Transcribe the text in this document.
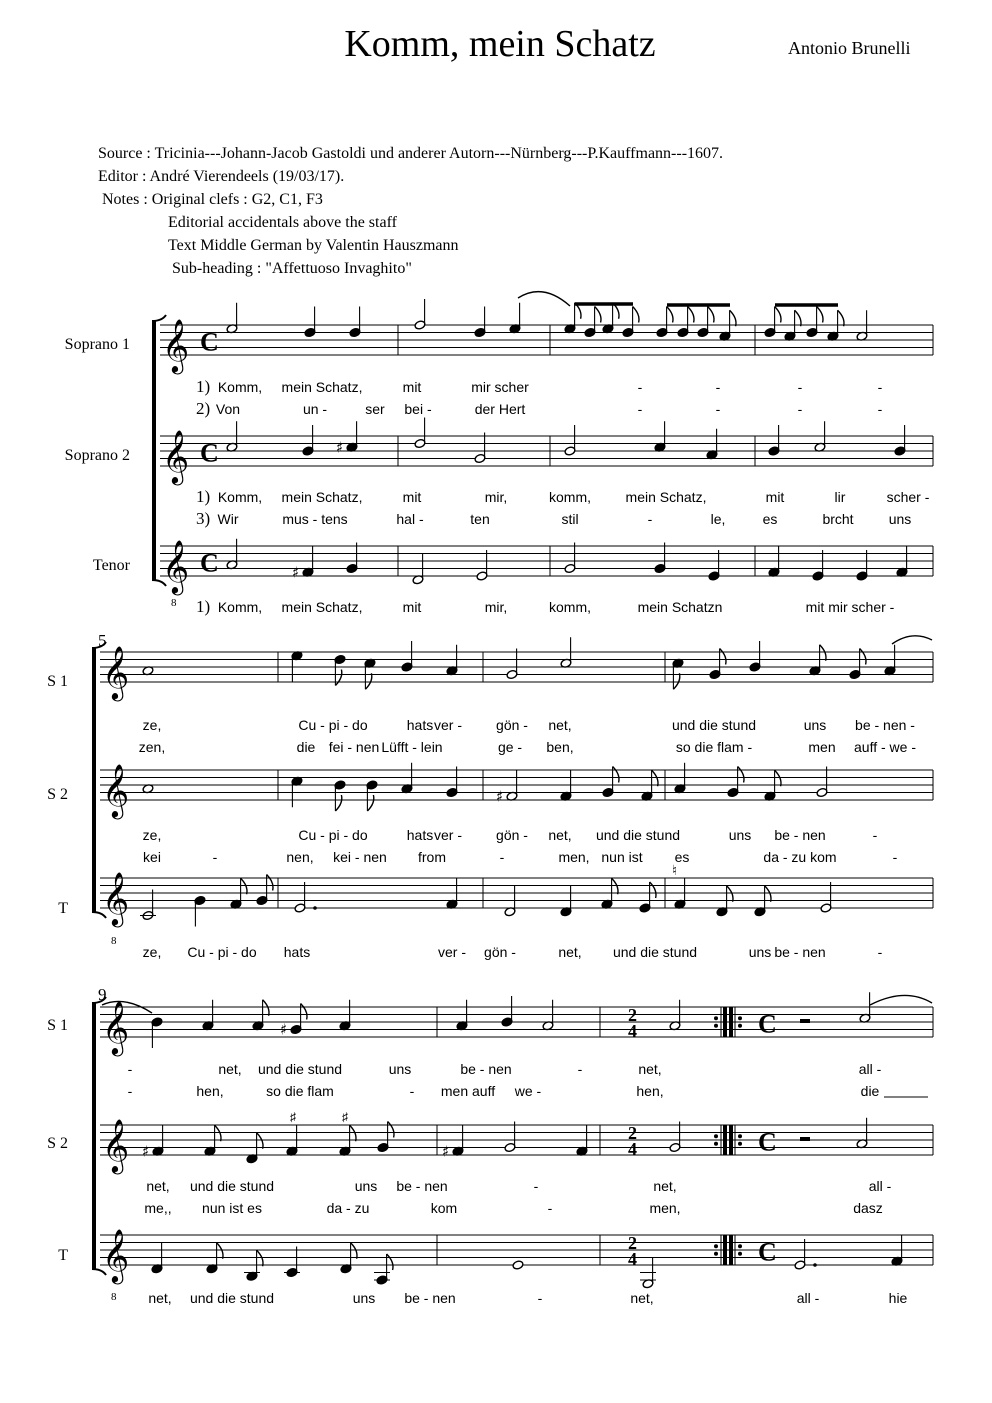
Komm, mein Schatz	Antonio Brunelli
Source : Tricinia---Johann-Jacob Gastoldi und anderer Autorn---Nürnberg---P.Kauffmann---1607.
Editor : André Vierendeels (19/03/17).
Notes : Original clefs : G2, C1, F3
Editorial accidentals above the staff
Text Middle German by Valentin Hauszmann
Sub-heading : "Affettuoso Invaghito"
𝄞 C
𝄞 C
𝄞 C
8
Soprano 1
Soprano 2
Tenor
♯
♯
1)
2)
1)
3)
1)
Komm, mein Schatz,	mit	mir scher	-	-	-	-
Von	un -	ser bei -	der Hert	-	-	-	-
Komm, mein Schatz,	mit	mir,	komm, mein Schatz,	mit	lir	scher -
Wir	mus - tens	hal -	ten	stil	-	le,	es	brcht	uns
Komm, mein Schatz,	mit	mir,	komm,	mein Schatzn	mit mir scher -
𝄞
𝄞
𝄞
8
5
S 1
S 2
T
♯
♮
ze,	Cu - pi - do	hats ver - gön - net,	und die stund	uns be - nen -
zen,	die fei - nen Lüfft - lein	ge - ben,	so die flam -	men auff - we -
ze,	Cu - pi - do	hats ver - gön - net, und die stund	uns be - nen	-
kei	-	nen, kei - nen from	-	men, nun ist es	da - zu kom	-
ze, Cu - pi - do hats	ver - gön -	net, und die stund	uns be - nen	-
𝄞	2
4	C
𝄞	2
4	C
𝄞	2
4	C
8
9
S 1
S 2
T
♯
♯
♯	♯
♯
-	net, und die stund	uns	be - nen	-	net,	all -
-	hen,	so die flam	- men auff we -	hen,	die
net, und die stund	uns be - nen	-	net,	all -
me,, nun ist es	da - zu	kom	-	men,	dasz
net, und die stund	uns be - nen	-	net,	all -	hie
